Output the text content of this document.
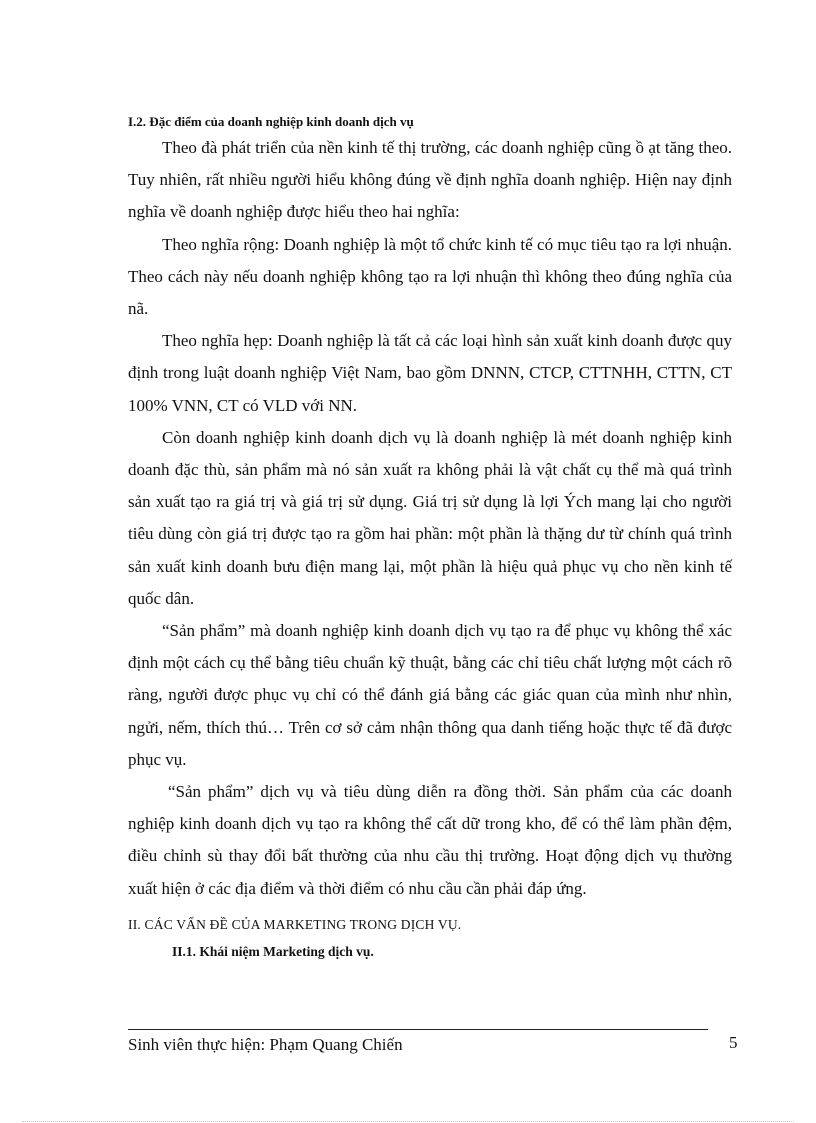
I.2. Đặc điểm của doanh nghiệp kinh doanh dịch vụ

Theo đà phát triển của nền kinh tế thị trường, các doanh nghiệp cũng ồ ạt tăng theo. Tuy nhiên, rất nhiều người hiểu không đúng về định nghĩa doanh nghiệp. Hiện nay định nghĩa về doanh nghiệp được hiểu theo hai nghĩa:

Theo nghĩa rộng: Doanh nghiệp là một tổ chức kinh tế có mục tiêu tạo ra lợi nhuận. Theo cách này nếu doanh nghiệp không tạo ra lợi nhuận thì không theo đúng nghĩa của nã.

Theo nghĩa hẹp: Doanh nghiệp là tất cả các loại hình sản xuất kinh doanh được quy định trong luật doanh nghiệp Việt Nam, bao gồm DNNN, CTCP, CTTNHH, CTTN, CT 100% VNN, CT có VLD với NN.

Còn doanh nghiệp kinh doanh dịch vụ là doanh nghiệp là mét doanh nghiệp kinh doanh đặc thù, sản phẩm mà nó sản xuất ra không phải là vật chất cụ thể mà quá trình sản xuất tạo ra giá trị và giá trị sử dụng. Giá trị sử dụng là lợi Ých mang lại cho người tiêu dùng còn giá trị được tạo ra gồm hai phần: một phần là thặng dư từ chính quá trình sản xuất kinh doanh bưu điện mang lại, một phần là hiệu quả phục vụ cho nền kinh tế quốc dân.

“Sản phẩm” mà doanh nghiệp kinh doanh dịch vụ tạo ra để phục vụ không thể xác định một cách cụ thể bằng tiêu chuẩn kỹ thuật, bằng các chỉ tiêu chất lượng một cách rõ ràng, người được phục vụ chỉ có thể đánh giá bằng các giác quan của mình như nhìn, ngửi, nếm, thích thú… Trên cơ sở cảm nhận thông qua danh tiếng hoặc thực tế đã được phục vụ.

“Sản phẩm” dịch vụ và tiêu dùng diễn ra đồng thời. Sản phẩm của các doanh nghiệp kinh doanh dịch vụ tạo ra không thể cất dữ trong kho, để có thể làm phần đệm, điều chỉnh sù thay đổi bất thường của nhu cầu thị trường. Hoạt động dịch vụ thường xuất hiện ở các địa điểm và thời điểm có nhu cầu cần phải đáp ứng.

II. CÁC VẤN ĐỀ CỦA MARKETING TRONG DỊCH VỤ.

II.1. Khái niệm Marketing dịch vụ.

Sinh viên thực hiện: Phạm Quang Chiến	5
